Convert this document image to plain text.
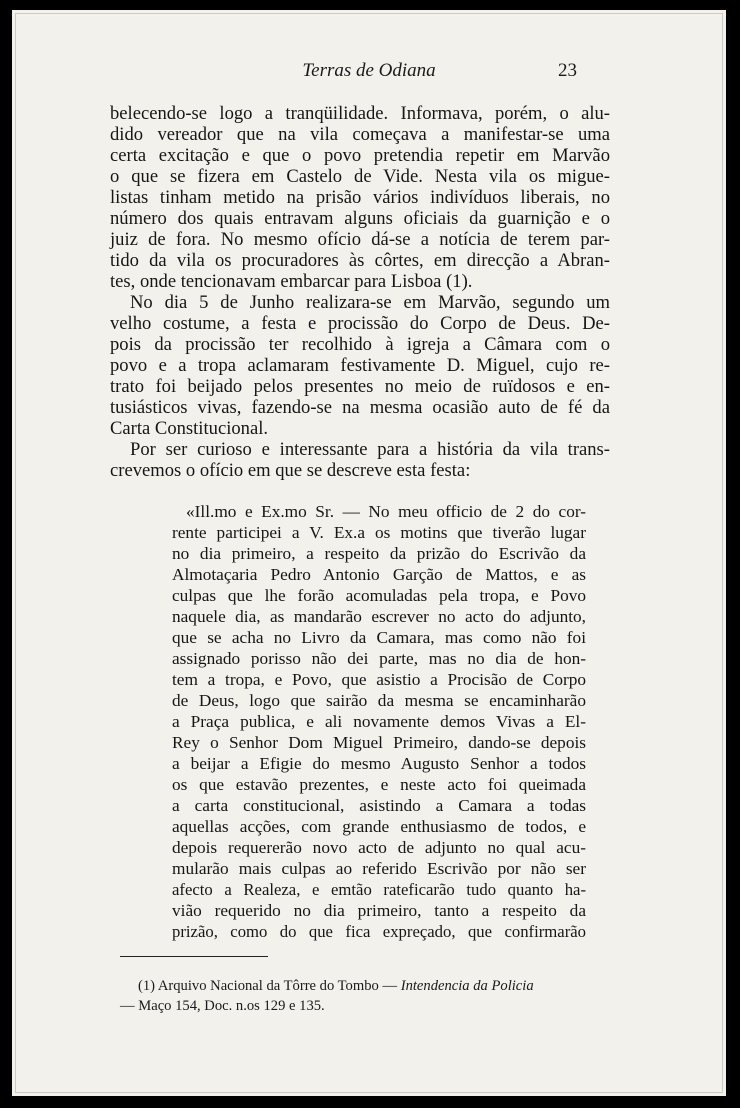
Terras de Odiana	23
belecendo-se logo a tranqüilidade. Informava, porém, o alu-
dido vereador que na vila começava a manifestar-se uma
certa excitação e que o povo pretendia repetir em Marvão
o que se fizera em Castelo de Vide. Nesta vila os migue-
listas tinham metido na prisão vários indivíduos liberais, no
número dos quais entravam alguns oficiais da guarnição e o
juiz de fora. No mesmo ofício dá-se a notícia de terem par-
tido da vila os procuradores às côrtes, em direcção a Abran-
tes, onde tencionavam embarcar para Lisboa (1).
No dia 5 de Junho realizara-se em Marvão, segundo um
velho costume, a festa e procissão do Corpo de Deus. De-
pois da procissão ter recolhido à igreja a Câmara com o
povo e a tropa aclamaram festivamente D. Miguel, cujo re-
trato foi beijado pelos presentes no meio de ruïdosos e en-
tusiásticos vivas, fazendo-se na mesma ocasião auto de fé da
Carta Constitucional.
Por ser curioso e interessante para a história da vila trans-
crevemos o ofício em que se descreve esta festa:
«Ill.mo e Ex.mo Sr. — No meu officio de 2 do cor-
rente participei a V. Ex.a os motins que tiverão lugar
no dia primeiro, a respeito da prizão do Escrivão da
Almotaçaria Pedro Antonio Garção de Mattos, e as
culpas que lhe forão acomuladas pela tropa, e Povo
naquele dia, as mandarão escrever no acto do adjunto,
que se acha no Livro da Camara, mas como não foi
assignado porisso não dei parte, mas no dia de hon-
tem a tropa, e Povo, que asistio a Procisão de Corpo
de Deus, logo que sairão da mesma se encaminharão
a Praça publica, e ali novamente demos Vivas a El-
Rey o Senhor Dom Miguel Primeiro, dando-se depois
a beijar a Efigie do mesmo Augusto Senhor a todos
os que estavão prezentes, e neste acto foi queimada
a carta constitucional, asistindo a Camara a todas
aquellas acções, com grande enthusiasmo de todos, e
depois requererão novo acto de adjunto no qual acu-
mularão mais culpas ao referido Escrivão por não ser
afecto a Realeza, e emtão rateficarão tudo quanto ha-
vião requerido no dia primeiro, tanto a respeito da
prizão, como do que fica expreçado, que confirmarão
(1) Arquivo Nacional da Tôrre do Tombo — Intendencia da Policia
— Maço 154, Doc. n.os 129 e 135.
